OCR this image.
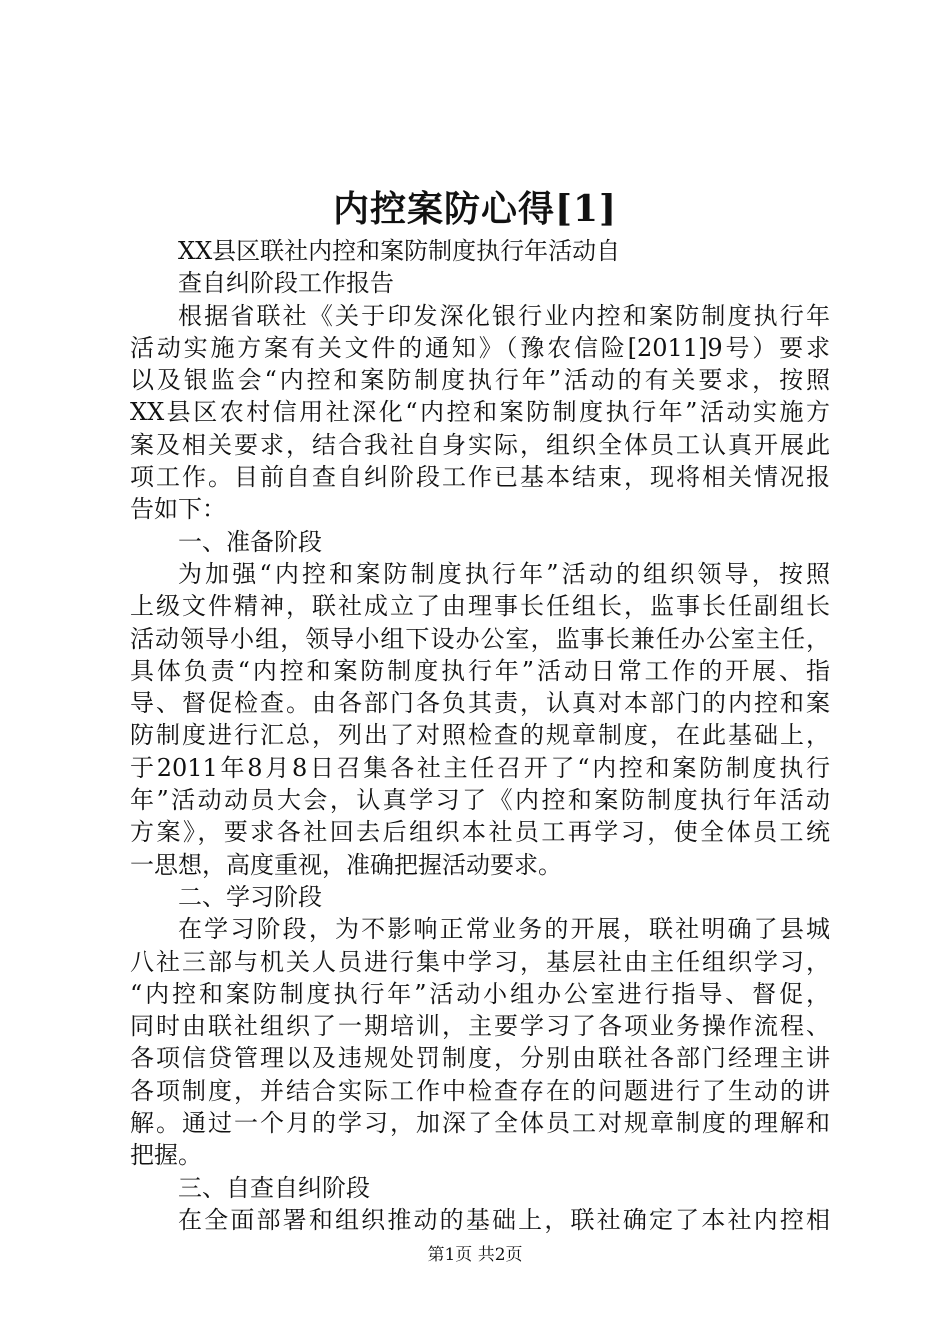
内控案防心得[1]
XX县区联社内控和案防制度执行年活动自
查自纠阶段工作报告
根据省联社《关于印发深化银行业内控和案防制度执行年
活动实施方案有关文件的通知》（豫农信险[2011]9号）要求
以及银监会“内控和案防制度执行年”活动的有关要求，按照
XX县区农村信用社深化“内控和案防制度执行年”活动实施方
案及相关要求，结合我社自身实际，组织全体员工认真开展此
项工作。目前自查自纠阶段工作已基本结束，现将相关情况报
告如下：
一、准备阶段
为加强“内控和案防制度执行年”活动的组织领导，按照
上级文件精神，联社成立了由理事长任组长，监事长任副组长
活动领导小组，领导小组下设办公室，监事长兼任办公室主任，
具体负责“内控和案防制度执行年”活动日常工作的开展、指
导、督促检查。由各部门各负其责，认真对本部门的内控和案
防制度进行汇总，列出了对照检查的规章制度，在此基础上，
于2011年8月8日召集各社主任召开了“内控和案防制度执行
年”活动动员大会，认真学习了《内控和案防制度执行年活动
方案》，要求各社回去后组织本社员工再学习，使全体员工统
一思想，高度重视，准确把握活动要求。
二、学习阶段
在学习阶段，为不影响正常业务的开展，联社明确了县城
八社三部与机关人员进行集中学习，基层社由主任组织学习，
“内控和案防制度执行年”活动小组办公室进行指导、督促，
同时由联社组织了一期培训，主要学习了各项业务操作流程、
各项信贷管理以及违规处罚制度，分别由联社各部门经理主讲
各项制度，并结合实际工作中检查存在的问题进行了生动的讲
解。通过一个月的学习，加深了全体员工对规章制度的理解和
把握。
三、自查自纠阶段
在全面部署和组织推动的基础上，联社确定了本社内控相
第1页 共2页
